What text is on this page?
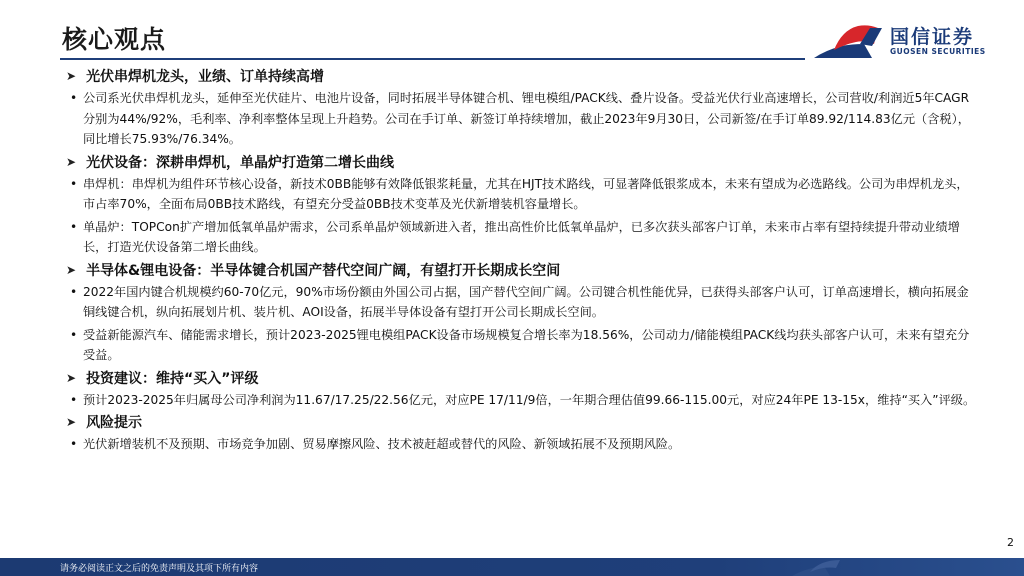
核心观点	国信证券
GUOSEN SECURITIES
➤ 光伏串焊机龙头，业绩、订单持续高增
• 公司系光伏串焊机龙头，延伸至光伏硅片、电池片设备，同时拓展半导体键合机、锂电模组/PACK线、叠片设备。受益光伏行业高速增长，公司营收/利润近5年CAGR分别为44%/92%，毛利率、净利率整体呈现上升趋势。公司在手订单、新签订单持续增加，截止2023年9月30日，公司新签/在手订单89.92/114.83亿元（含税），同比增长75.93%/76.34%。
➤ 光伏设备：深耕串焊机，单晶炉打造第二增长曲线
• 串焊机：串焊机为组件环节核心设备，新技术0BB能够有效降低银浆耗量，尤其在HJT技术路线，可显著降低银浆成本，未来有望成为必选路线。公司为串焊机龙头，市占率70%，全面布局0BB技术路线，有望充分受益0BB技术变革及光伏新增装机容量增长。
• 单晶炉：TOPCon扩产增加低氧单晶炉需求，公司系单晶炉领域新进入者，推出高性价比低氧单晶炉，已多次获头部客户订单，未来市占率有望持续提升带动业绩增长，打造光伏设备第二增长曲线。
➤ 半导体&锂电设备：半导体键合机国产替代空间广阔，有望打开长期成长空间
• 2022年国内键合机规模约60-70亿元，90%市场份额由外国公司占据，国产替代空间广阔。公司键合机性能优异，已获得头部客户认可，订单高速增长，横向拓展金铜线键合机，纵向拓展划片机、装片机、AOI设备，拓展半导体设备有望打开公司长期成长空间。
• 受益新能源汽车、储能需求增长，预计2023-2025锂电模组PACK设备市场规模复合增长率为18.56%，公司动力/储能模组PACK线均获头部客户认可，未来有望充分受益。
➤ 投资建议：维持“买入”评级
• 预计2023-2025年归属母公司净利润为11.67/17.25/22.56亿元，对应PE 17/11/9倍，一年期合理估值99.66-115.00元，对应24年PE 13-15x，维持“买入”评级。
➤ 风险提示
• 光伏新增装机不及预期、市场竞争加剧、贸易摩擦风险、技术被赶超或替代的风险、新领域拓展不及预期风险。
2
请务必阅读正文之后的免责声明及其项下所有内容
